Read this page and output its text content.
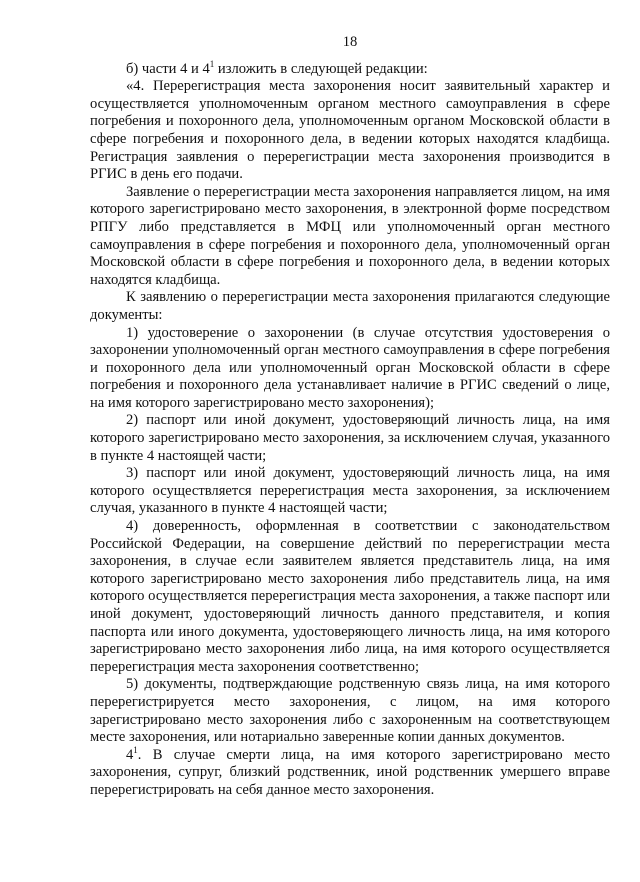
18

б) части 4 и $4^1$ изложить в следующей редакции:

«4. Перерегистрация места захоронения носит заявительный характер и осуществляется уполномоченным органом местного самоуправления в сфере погребения и похоронного дела, уполномоченным органом Московской области в сфере погребения и похоронного дела, в ведении которых находятся кладбища. Регистрация заявления о перерегистрации места захоронения производится в РГИС в день его подачи.

Заявление о перерегистрации места захоронения направляется лицом, на имя которого зарегистрировано место захоронения, в электронной форме посредством РПГУ либо представляется в МФЦ или уполномоченный орган местного самоуправления в сфере погребения и похоронного дела, уполномоченный орган Московской области в сфере погребения и похоронного дела, в ведении которых находятся кладбища.

К заявлению о перерегистрации места захоронения прилагаются следующие документы:

1) удостоверение о захоронении (в случае отсутствия удостоверения о захоронении уполномоченный орган местного самоуправления в сфере погребения и похоронного дела или уполномоченный орган Московской области в сфере погребения и похоронного дела устанавливает наличие в РГИС сведений о лице, на имя которого зарегистрировано место захоронения);

2) паспорт или иной документ, удостоверяющий личность лица, на имя которого зарегистрировано место захоронения, за исключением случая, указанного в пункте 4 настоящей части;

3) паспорт или иной документ, удостоверяющий личность лица, на имя которого осуществляется перерегистрация места захоронения, за исключением случая, указанного в пункте 4 настоящей части;

4) доверенность, оформленная в соответствии с законодательством Российской Федерации, на совершение действий по перерегистрации места захоронения, в случае если заявителем является представитель лица, на имя которого зарегистрировано место захоронения либо представитель лица, на имя которого осуществляется перерегистрация места захоронения, а также паспорт или иной документ, удостоверяющий личность данного представителя, и копия паспорта или иного документа, удостоверяющего личность лица, на имя которого зарегистрировано место захоронения либо лица, на имя которого осуществляется перерегистрация места захоронения соответственно;

5) документы, подтверждающие родственную связь лица, на имя которого перерегистрируется место захоронения, с лицом, на имя которого зарегистрировано место захоронения либо с захороненным на соответствующем месте захоронения, или нотариально заверенные копии данных документов.

$4^1$. В случае смерти лица, на имя которого зарегистрировано место захоронения, супруг, близкий родственник, иной родственник умершего вправе перерегистрировать на себя данное место захоронения.
